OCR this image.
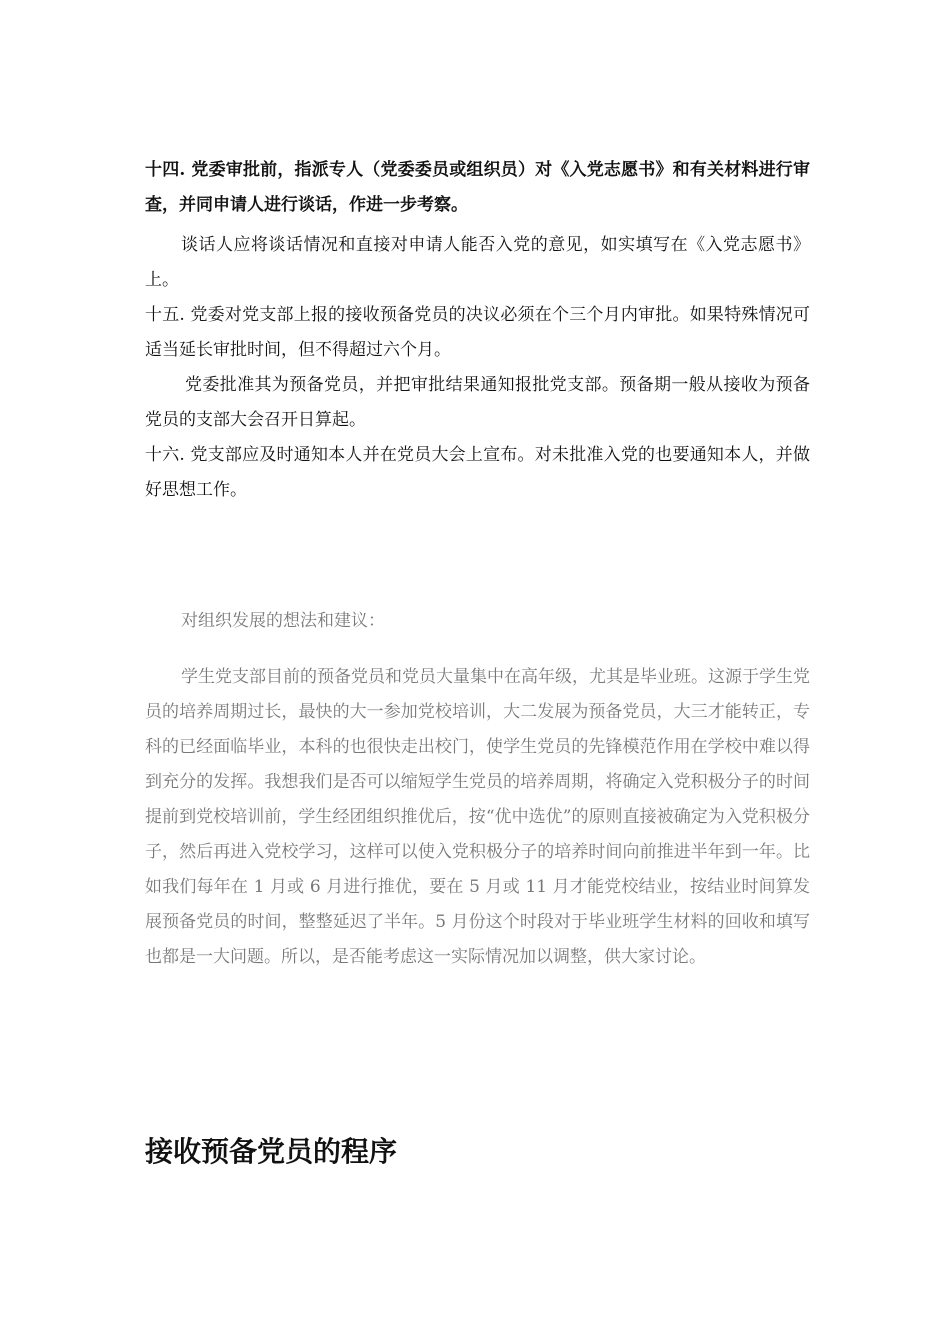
十四. 党委审批前，指派专人（党委委员或组织员）对《入党志愿书》和有关材料进行审查，并同申请人进行谈话，作进一步考察。

谈话人应将谈话情况和直接对申请人能否入党的意见，如实填写在《入党志愿书》上。

十五. 党委对党支部上报的接收预备党员的决议必须在个三个月内审批。如果特殊情况可适当延长审批时间，但不得超过六个月。

党委批准其为预备党员，并把审批结果通知报批党支部。预备期一般从接收为预备党员的支部大会召开日算起。

十六. 党支部应及时通知本人并在党员大会上宣布。对未批准入党的也要通知本人，并做好思想工作。

对组织发展的想法和建议：

学生党支部目前的预备党员和党员大量集中在高年级，尤其是毕业班。这源于学生党员的培养周期过长，最快的大一参加党校培训，大二发展为预备党员，大三才能转正，专科的已经面临毕业，本科的也很快走出校门，使学生党员的先锋模范作用在学校中难以得到充分的发挥。我想我们是否可以缩短学生党员的培养周期，将确定入党积极分子的时间提前到党校培训前，学生经团组织推优后，按“优中选优”的原则直接被确定为入党积极分子，然后再进入党校学习，这样可以使入党积极分子的培养时间向前推进半年到一年。比如我们每年在 1 月或 6 月进行推优，要在 5 月或 11 月才能党校结业，按结业时间算发展预备党员的时间，整整延迟了半年。5 月份这个时段对于毕业班学生材料的回收和填写也都是一大问题。所以，是否能考虑这一实际情况加以调整，供大家讨论。

接收预备党员的程序
